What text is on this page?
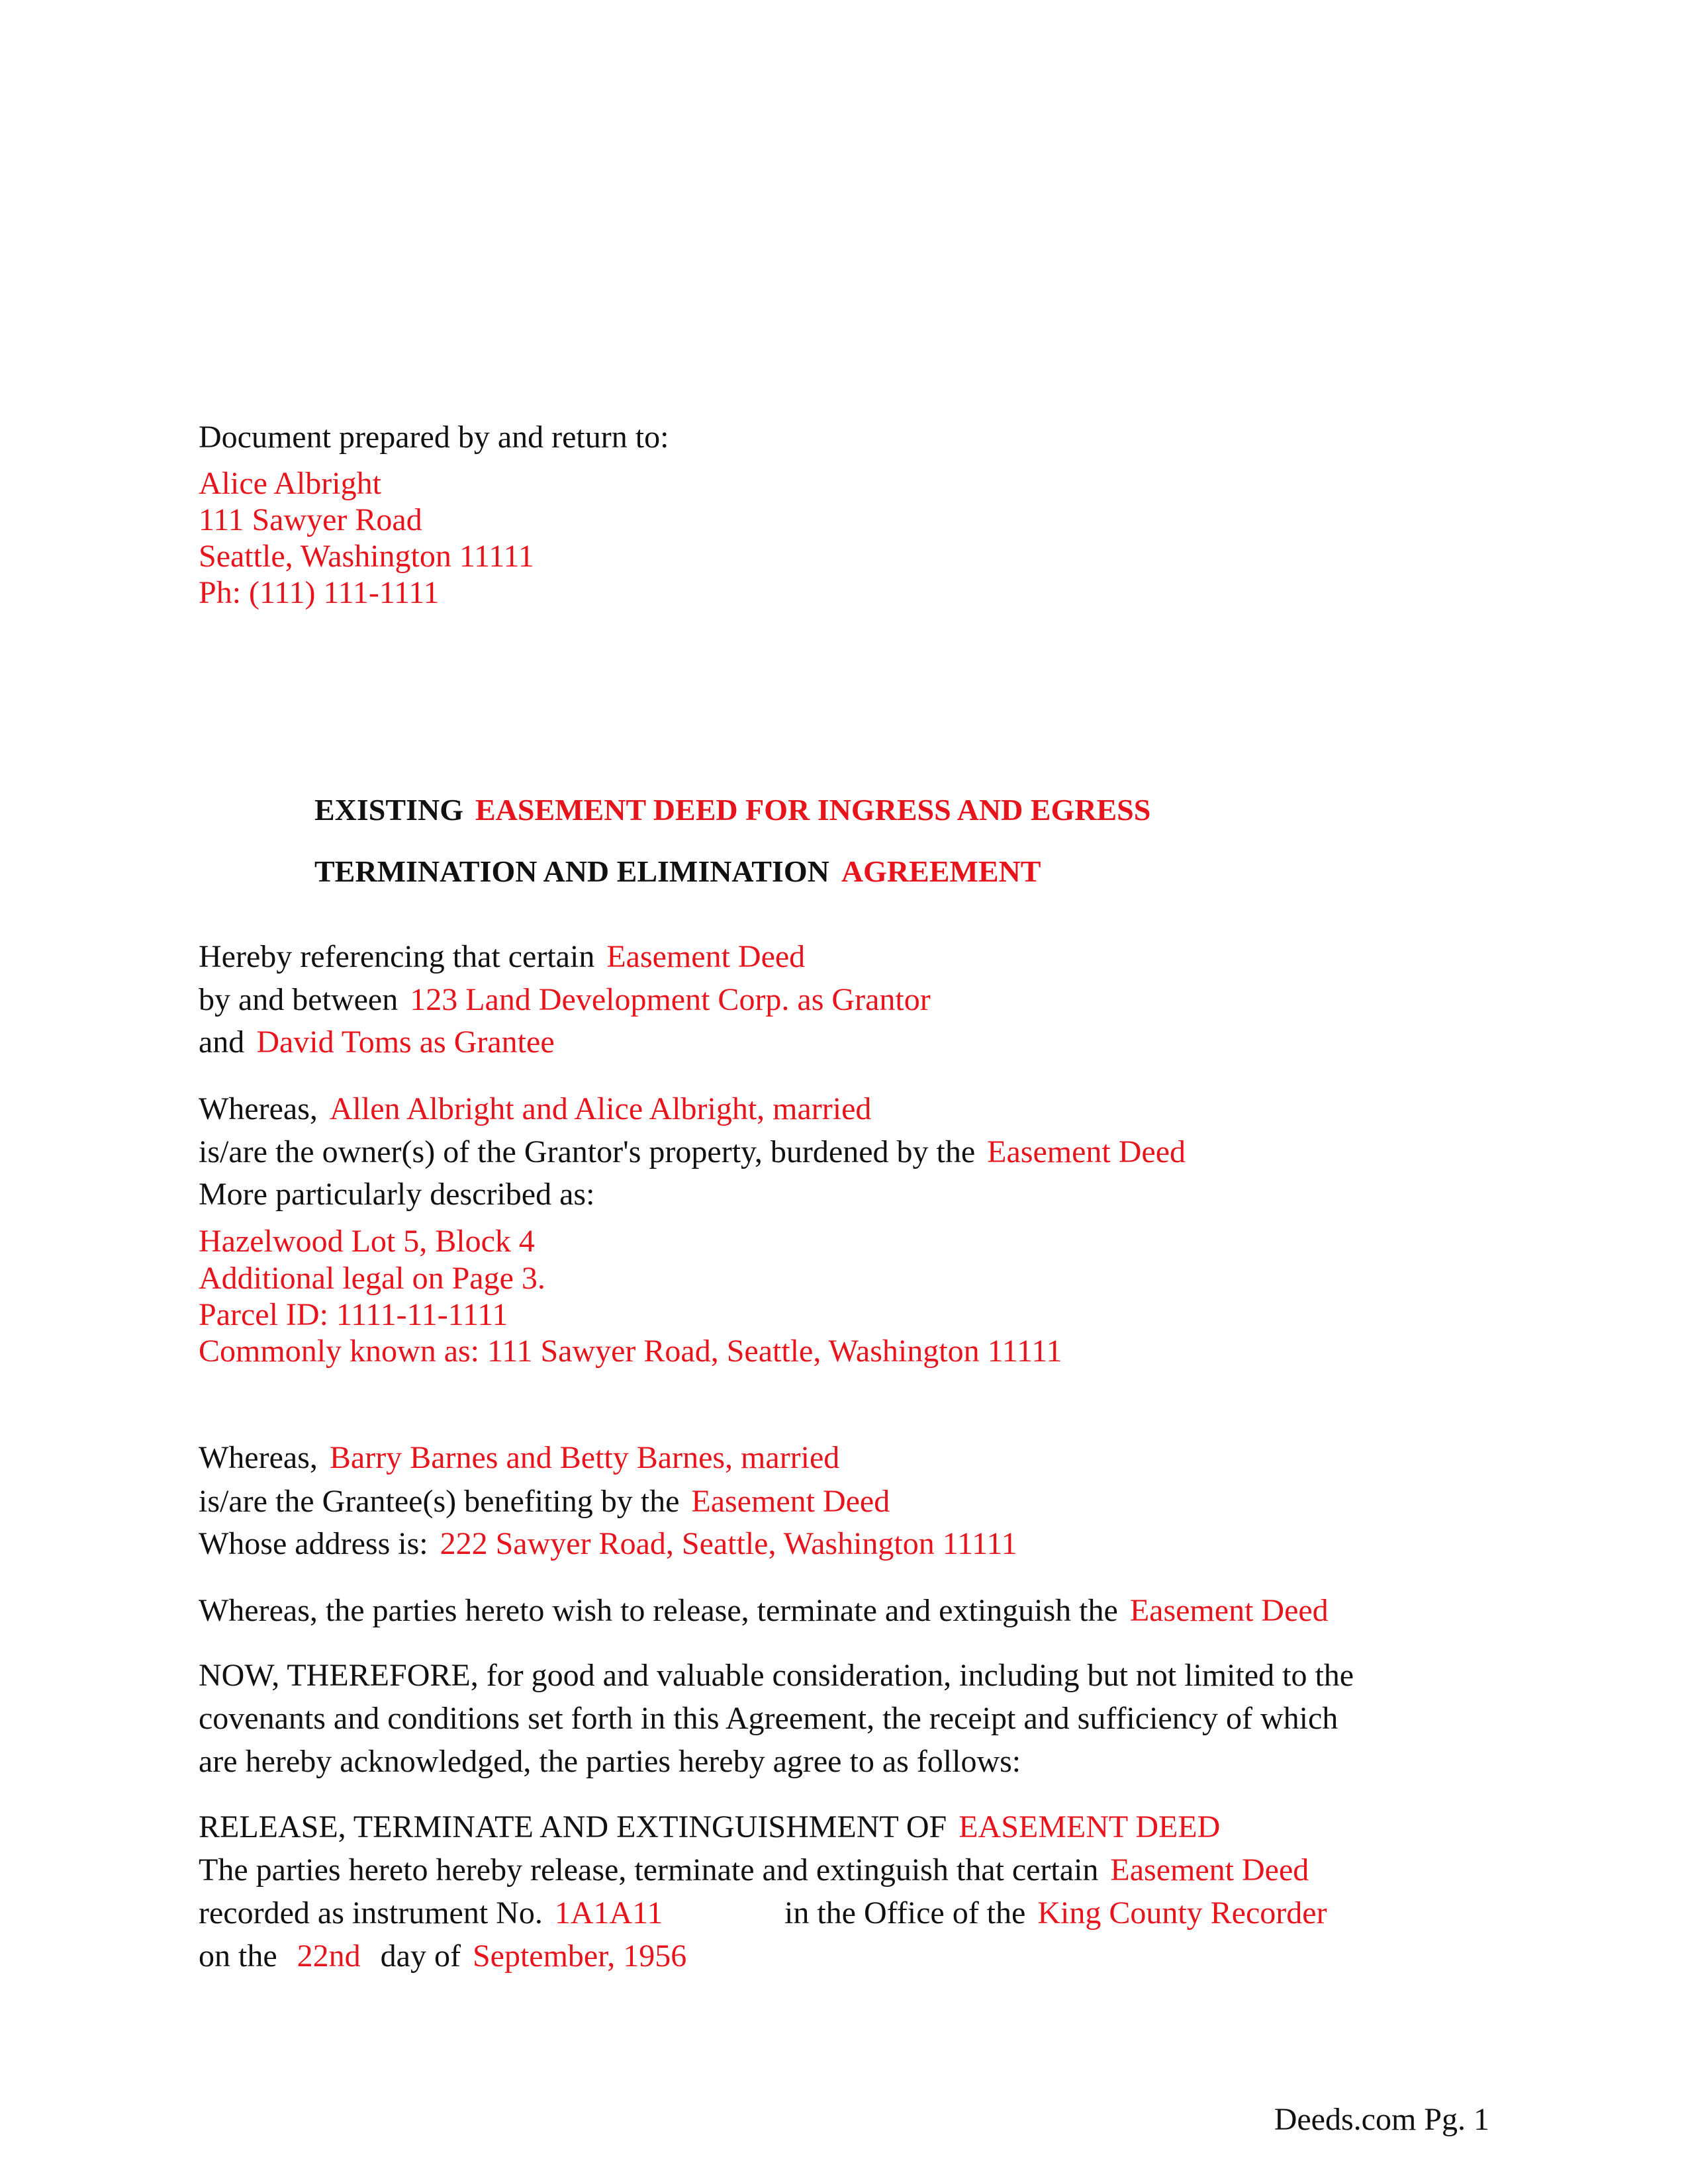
Document prepared by and return to:
Alice Albright
111 Sawyer Road
Seattle, Washington 11111
Ph: (111) 111-1111
EXISTING EASEMENT DEED FOR INGRESS AND EGRESS
TERMINATION AND ELIMINATION AGREEMENT
Hereby referencing that certain Easement Deed
by and between 123 Land Development Corp. as Grantor
and David Toms as Grantee
Whereas, Allen Albright and Alice Albright, married
is/are the owner(s) of the Grantor's property, burdened by the Easement Deed
More particularly described as:
Hazelwood Lot 5, Block 4
Additional legal on Page 3.
Parcel ID: 1111-11-1111
Commonly known as: 111 Sawyer Road, Seattle, Washington 11111
Whereas, Barry Barnes and Betty Barnes, married
is/are the Grantee(s) benefiting by the Easement Deed
Whose address is: 222 Sawyer Road, Seattle, Washington 11111
Whereas, the parties hereto wish to release, terminate and extinguish the Easement Deed
NOW, THEREFORE, for good and valuable consideration, including but not limited to the
covenants and conditions set forth in this Agreement, the receipt and sufficiency of which
are hereby acknowledged, the parties hereby agree to as follows:
RELEASE, TERMINATE AND EXTINGUISHMENT OF EASEMENT DEED
The parties hereto hereby release, terminate and extinguish that certain Easement Deed
recorded as instrument No. 1A1A11	in the Office of the King County Recorder
on the 22nd day of September, 1956
Deeds.com Pg. 1
